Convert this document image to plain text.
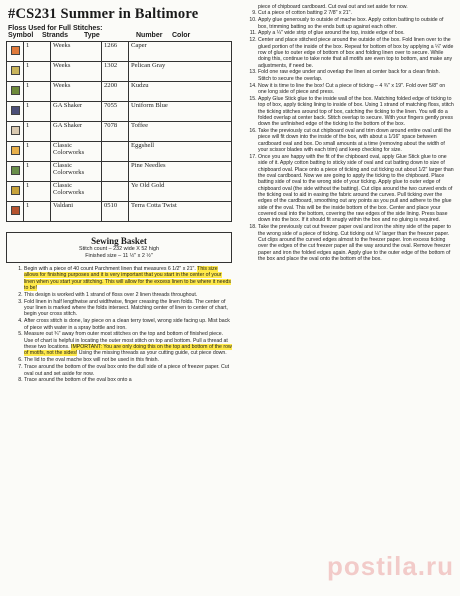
#CS231 Summer in Baltimore
Floss Used for Full Stitches:
Symbol	Strands	Type	Number	Color
	1	Weeks	1266	Caper
	1	Weeks	1302	Pelican Gray
	1	Weeks	2200	Kudzu
	1	GA Shaker	7055	Uniform Blue
	1	GA Shaker	7078	Toffee
	1	Classic Colorworks		Eggshell
	1	Classic Colorworks		Pine Needles
	1	Classic Colorworks		Ye Old Gold
	1	Valdani	0510	Terra Cotta Twist
Sewing Basket
Stitch count – 232 wide X 52 high
Finished size – 11 ½" x 2 ½"
1. Begin with a piece of 40 count Parchment linen that measures 6 1/2" x 21". This size allows for finishing purposes and it is very important that you start in the center of your linen when you start your stitching. This will allow for the excess linen to be where it needs to be!
2. This design is worked with 1 strand of floss over 2 linen threads throughout.
3. Fold linen in half lengthwise and widthwise, finger creasing the linen folds. The center of your linen is marked where the folds intersect. Matching center of linen to center of chart, begin your cross stitch.
4. After cross stitch is done, lay piece on a clean terry towel, wrong side facing up. Mist back of piece with water in a spray bottle and iron.
5. Measure out ¾" away from outer most stitches on the top and bottom of finished piece. Use of chart is helpful in locating the outer most stitch on top and bottom. Pull a thread at these two locations. IMPORTANT: You are only doing this on the top and bottom of the row of motifs, not the sides! Using the missing threads as your cutting guide, cut piece down.
6. The lid to the oval mache box will not be used in this finish.
7. Trace around the bottom of the oval box onto the dull side of a piece of freezer paper. Cut oval out and set aside for now.
8. Trace around the bottom of the oval box onto a
piece of chipboard cardboard. Cut oval out and set aside for now.
9. Cut a piece of cotton batting 2 7/8" x 21".
10. Apply glue generously to outside of mache box. Apply cotton batting to outside of box, trimming batting so the ends butt up against each other.
11. Apply a ¼" wide strip of glue around the top, inside edge of box.
12. Center and place stitched piece around the outside of the box. Fold linen over to the glued portion of the inside of the box. Repeat for bottom of box by applying a ¼" wide row of glue to outer edge of bottom of box and folding linen over to secure. While doing this, continue to take note that all motifs are even top to bottom, and make any adjustments, if need be.
13. Fold one raw edge under and overlap the linen at center back for a clean finish. Stitch to secure the overlap.
14. Now it is time to line the box! Cut a piece of ticking – 4 ¾" x 19". Fold over 5/8" on one long side of piece and press.
15. Apply Glue Stick glue to the inside wall of the box. Matching folded edge of ticking to top of box, apply ticking lining to inside of box. Using 1 strand of matching floss, stitch the ticking stitches around top of box, catching the ticking to the linen. You will do a folded overlap at center back. Stitch overlap to secure. With your fingers gently press down the unfinished edge of the ticking to the bottom of the box.
16. Take the previously cut out chipboard oval and trim down around entire oval until the piece will fit down into the inside of the box, with about a 1/16" space between cardboard oval and box. Do small amounts at a time (removing about the width of your scissor blades with each trim) and keep checking for size.
17. Once you are happy with the fit of the chipboard oval, apply Glue Stick glue to one side of it. Apply cotton batting to sticky side of oval and cut batting down to size of chipboard oval. Place onto a piece of ticking and cut ticking out about 1/2" larger than the oval cardboard. Now we are going to apply the ticking to the chipboard. Place batting side of oval to the wrong side of your ticking. Apply glue to outer edge of chipboard oval (the side without the batting). Cut clips around the two curved ends of the ticking oval to aid in easing the fabric around the curves. Pull ticking over the edges of the cardboard, smoothing out any points as you pull and adhere to the glue side of the oval. This will be the inside bottom of the box. Center and place your covered oval into the bottom, covering the raw edges of the side lining. Press base down into the box. If it should fit snugly within the box and no gluing is required.
18. Take the previously cut out freezer paper oval and iron the shiny side of the paper to the wrong side of a piece of ticking. Cut ticking out ⅛" larger than the freezer paper. Cut clips around the curved edges almost to the freezer paper. Iron excess ticking over the edges of the cut freezer paper all the way around the oval. Remove freezer paper and iron the folded edges again. Apply glue to the outer edge of the bottom of the box and place the oval onto the bottom of the box.
postila.ru
